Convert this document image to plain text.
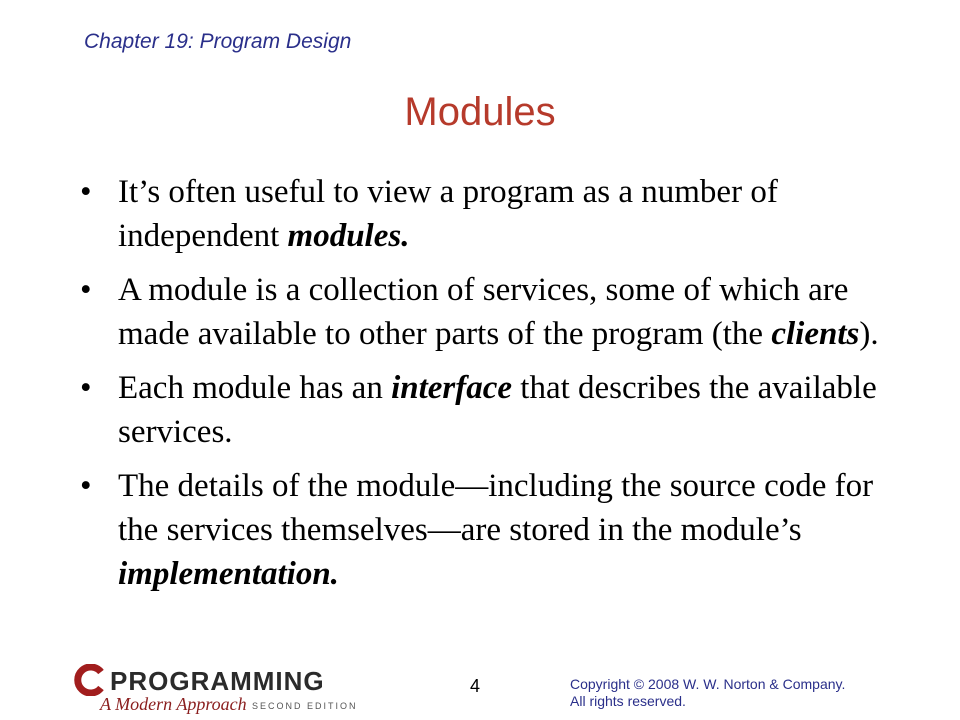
Chapter 19: Program Design
Modules
• It’s often useful to view a program as a number of independent modules.
• A module is a collection of services, some of which are made available to other parts of the program (the clients).
• Each module has an interface that describes the available services.
• The details of the module—including the source code for the services themselves—are stored in the module’s implementation.
PROGRAMMING
A Modern Approach SECOND EDITION
4	Copyright © 2008 W. W. Norton & Company.
All rights reserved.
